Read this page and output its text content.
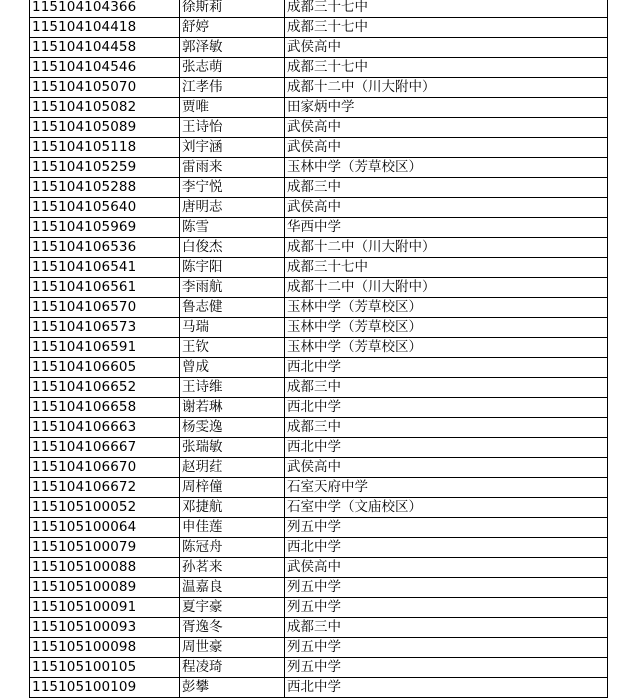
115104104366	徐斯莉	成都三十七中
115104104418	舒婷	成都三十七中
115104104458	郭泽敏	武侯高中
115104104546	张志萌	成都三十七中
115104105070	江孝伟	成都十二中（川大附中）
115104105082	贾唯	田家炳中学
115104105089	王诗怡	武侯高中
115104105118	刘宇涵	武侯高中
115104105259	雷雨来	玉林中学（芳草校区）
115104105288	李宁悦	成都三中
115104105640	唐明志	武侯高中
115104105969	陈雪	华西中学
115104106536	白俊杰	成都十二中（川大附中）
115104106541	陈宇阳	成都三十七中
115104106561	李雨航	成都十二中（川大附中）
115104106570	鲁志健	玉林中学（芳草校区）
115104106573	马瑞	玉林中学（芳草校区）
115104106591	王钦	玉林中学（芳草校区）
115104106605	曾成	西北中学
115104106652	王诗维	成都三中
115104106658	谢若琳	西北中学
115104106663	杨雯逸	成都三中
115104106667	张瑞敏	西北中学
115104106670	赵玥荭	武侯高中
115104106672	周梓僮	石室天府中学
115105100052	邓捷航	石室中学（文庙校区）
115105100064	申佳莲	列五中学
115105100079	陈冠舟	西北中学
115105100088	孙茗来	武侯高中
115105100089	温嘉良	列五中学
115105100091	夏宇豪	列五中学
115105100093	胥逸冬	成都三中
115105100098	周世豪	列五中学
115105100105	程凌琦	列五中学
115105100109	彭攀	西北中学
